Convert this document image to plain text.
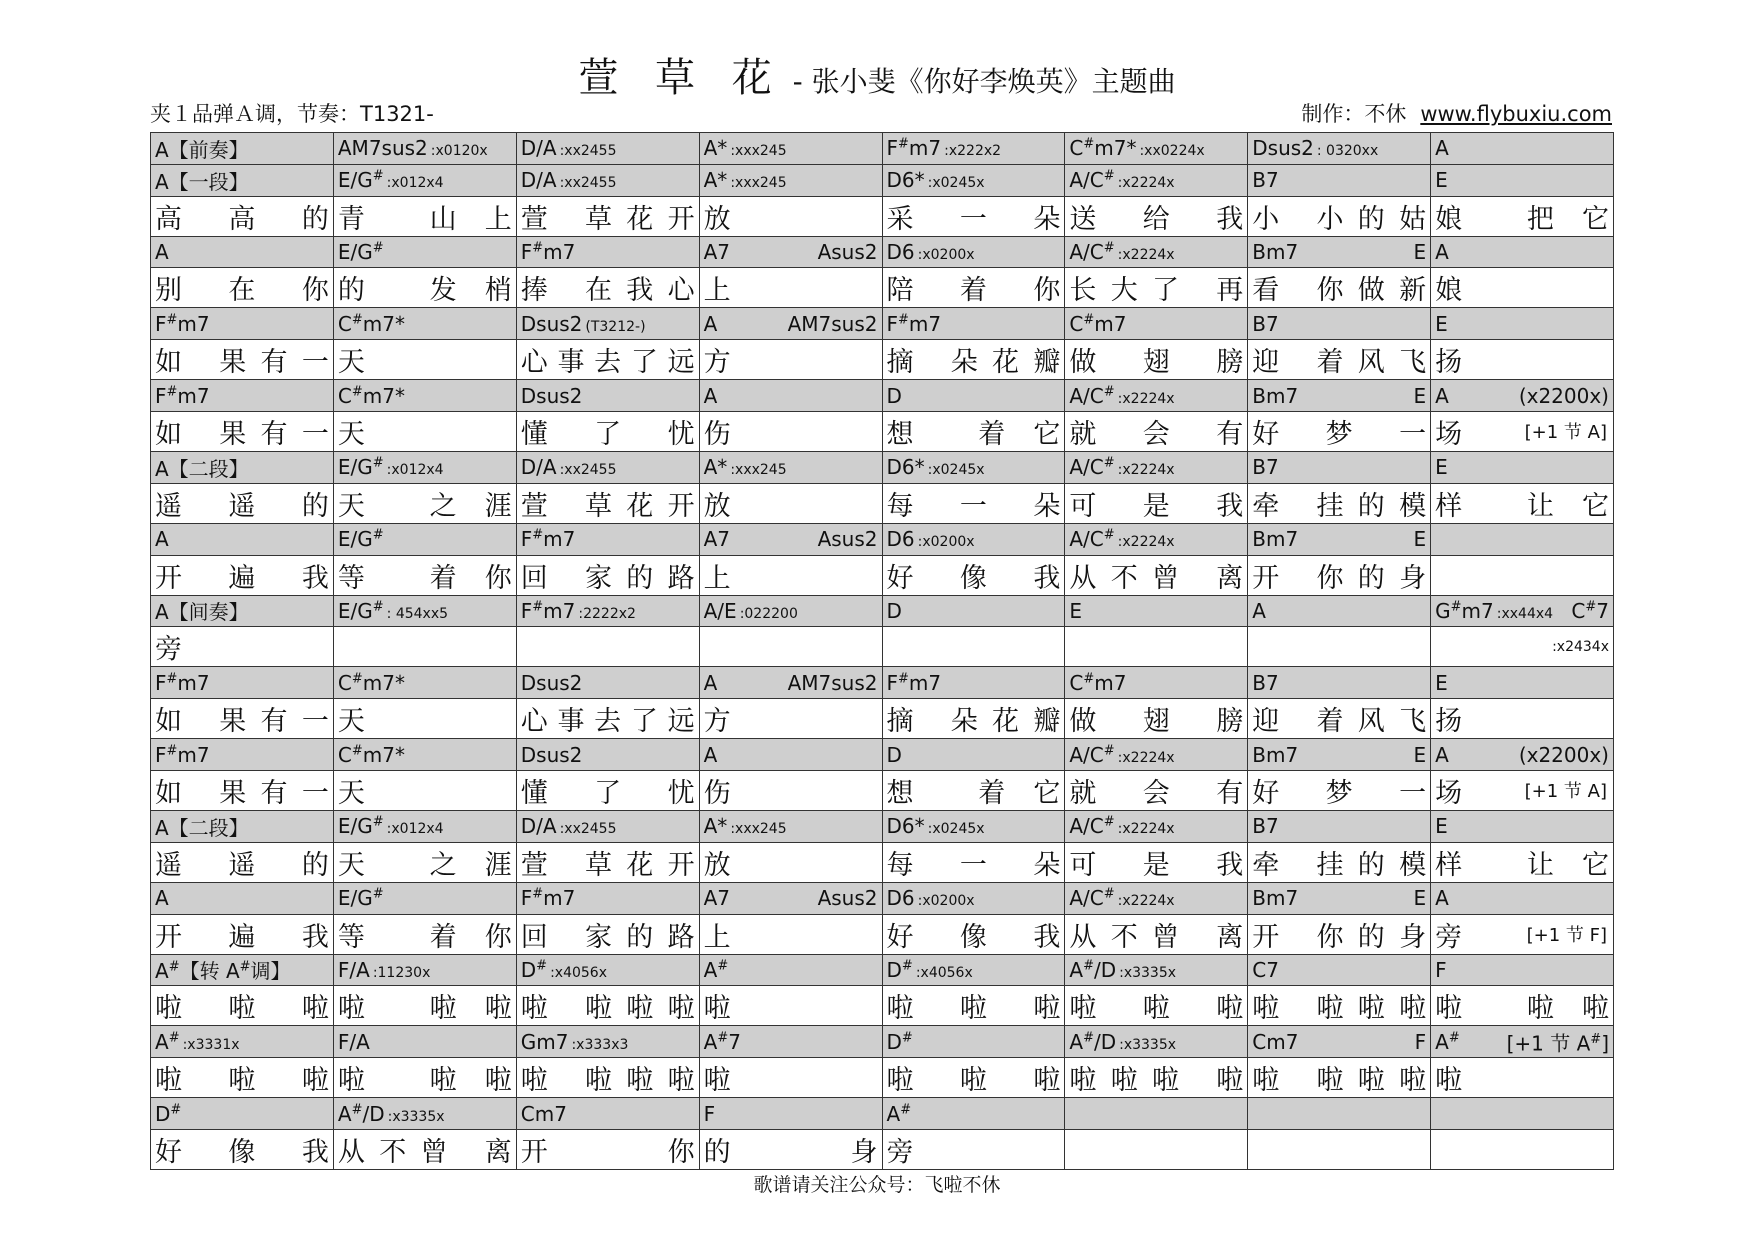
萱 草 花 - 张小斐《你好李焕英》主题曲
夹１品弹Ａ调，节奏：T1321-	制作：不休 www.flybuxiu.com
A【前奏】	AM7sus2 :x0120x	D/A :xx2455	A* :xxx245	F#m7 :x222x2	C#m7* :xx0224x	Dsus2 : 0320xx	A
A【一段】	E/G# :x012x4	D/A :xx2455	A* :xxx245	D6* :x0245x	A/C# :x2224x	B7	E

高高的	青 山上	萱 草花开	放	采一朵	送给我	小 小的姑	娘 把它

A	E/G#	F#m7	A7 Asus2	D6 :x0200x	A/C# :x2224x	Bm7 E	A

别在你	的 发梢	捧 在我心	上	陪着你	长大了 再	看 你做新	娘

F#m7	C#m7*	Dsus2 (T3212-)	A AM7sus2	F#m7	C#m7	B7	E

如 果有一	天	心事去了远	方	摘 朵花瓣	做翅膀	迎 着风飞	扬

F#m7	C#m7*	Dsus2	A	D	A/C# :x2224x	Bm7 E	A (x2200x)

如 果有一	天	懂了忧	伤	想 着它	就会有	好梦一	场 [+1 节 A]

A【二段】	E/G# :x012x4	D/A :xx2455	A* :xxx245	D6* :x0245x	A/C# :x2224x	B7	E

遥遥的	天 之涯	萱 草花开	放	每一朵	可是我	牵 挂的模	样 让它

A	E/G#	F#m7	A7 Asus2	D6 :x0200x	A/C# :x2224x	Bm7 E	

开遍我	等 着你	回 家的路	上	好像我	从不曾 离	开 你的身	

A【间奏】	E/G# : 454xx5	F#m7 :2222x2	A/E :022200	D	E	A	G#m7 :xx44x4 C#7

旁							:x2434x

F#m7	C#m7*	Dsus2	A AM7sus2	F#m7	C#m7	B7	E

如 果有一	天	心事去了远	方	摘 朵花瓣	做翅膀	迎 着风飞	扬

F#m7	C#m7*	Dsus2	A	D	A/C# :x2224x	Bm7 E	A (x2200x)

如 果有一	天	懂了忧	伤	想 着它	就会有	好梦一	场 [+1 节 A]

A【二段】	E/G# :x012x4	D/A :xx2455	A* :xxx245	D6* :x0245x	A/C# :x2224x	B7	E

遥遥的	天 之涯	萱 草花开	放	每一朵	可是我	牵 挂的模	样 让它

A	E/G#	F#m7	A7 Asus2	D6 :x0200x	A/C# :x2224x	Bm7 E	A

开遍我	等 着你	回 家的路	上	好像我	从不曾 离	开 你的身	旁 [+1 节 F]

A#【转 A#调】	F/A :11230x	D# :x4056x	A#	D# :x4056x	A#/D :x3335x	C7	F

啦啦啦	啦 啦啦	啦 啦啦啦	啦	啦啦啦	啦啦啦	啦 啦啦啦	啦 啦啦

A# :x3331x	F/A	Gm7 :x333x3	A#7	D#	A#/D :x3335x	Cm7 F	A# [+1 节 A#]

啦啦啦	啦 啦啦	啦 啦啦啦	啦	啦啦啦	啦啦啦 啦	啦 啦啦啦	啦

D#	A#/D :x3335x	Cm7	F	A#			

好像我	从不曾 离	开 你	的身	旁			

歌谱请关注公众号：飞啦不休
